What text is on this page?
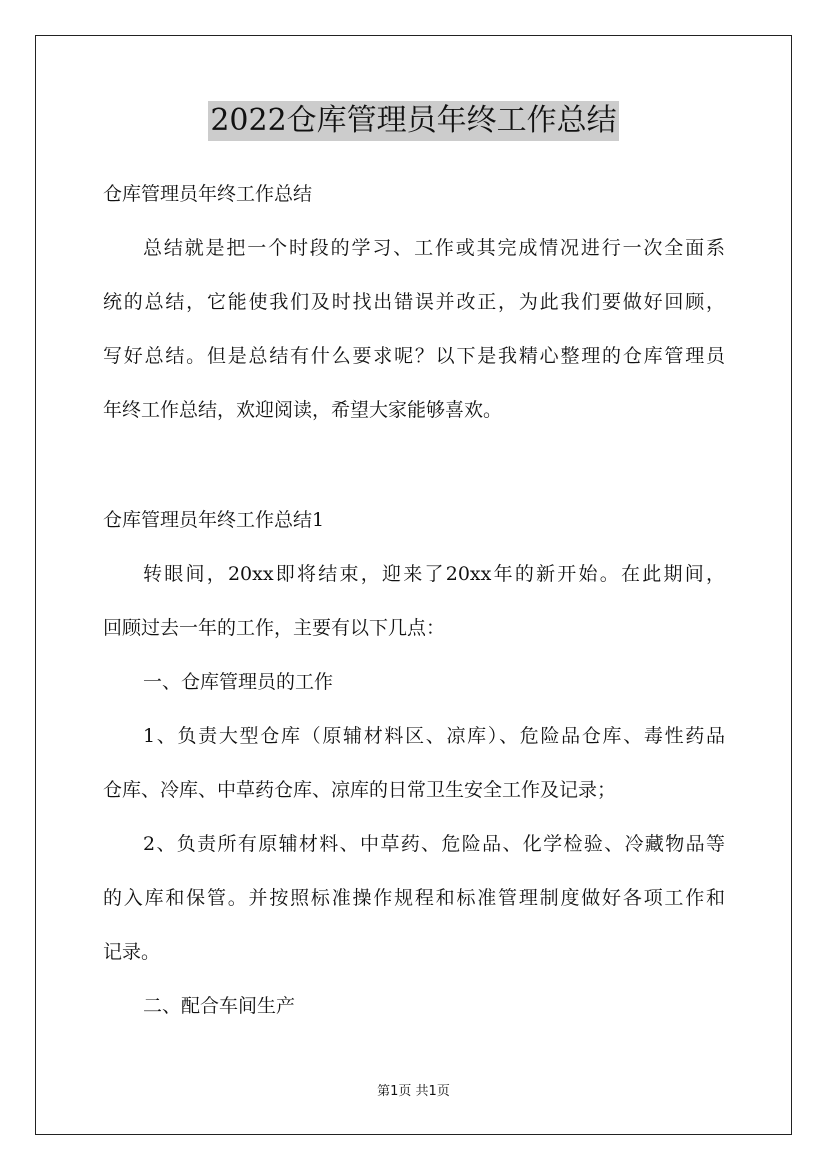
2022仓库管理员年终工作总结
仓库管理员年终工作总结
总结就是把一个时段的学习、工作或其完成情况进行一次全面系
统的总结，它能使我们及时找出错误并改正，为此我们要做好回顾，
写好总结。但是总结有什么要求呢？以下是我精心整理的仓库管理员
年终工作总结，欢迎阅读，希望大家能够喜欢。
仓库管理员年终工作总结1
转眼间，20xx即将结束，迎来了20xx年的新开始。在此期间，
回顾过去一年的工作，主要有以下几点：
一、仓库管理员的工作
1、负责大型仓库（原辅材料区、凉库）、危险品仓库、毒性药品
仓库、冷库、中草药仓库、凉库的日常卫生安全工作及记录；
2、负责所有原辅材料、中草药、危险品、化学检验、冷藏物品等
的入库和保管。并按照标准操作规程和标准管理制度做好各项工作和
记录。
二、配合车间生产
第1页 共1页
